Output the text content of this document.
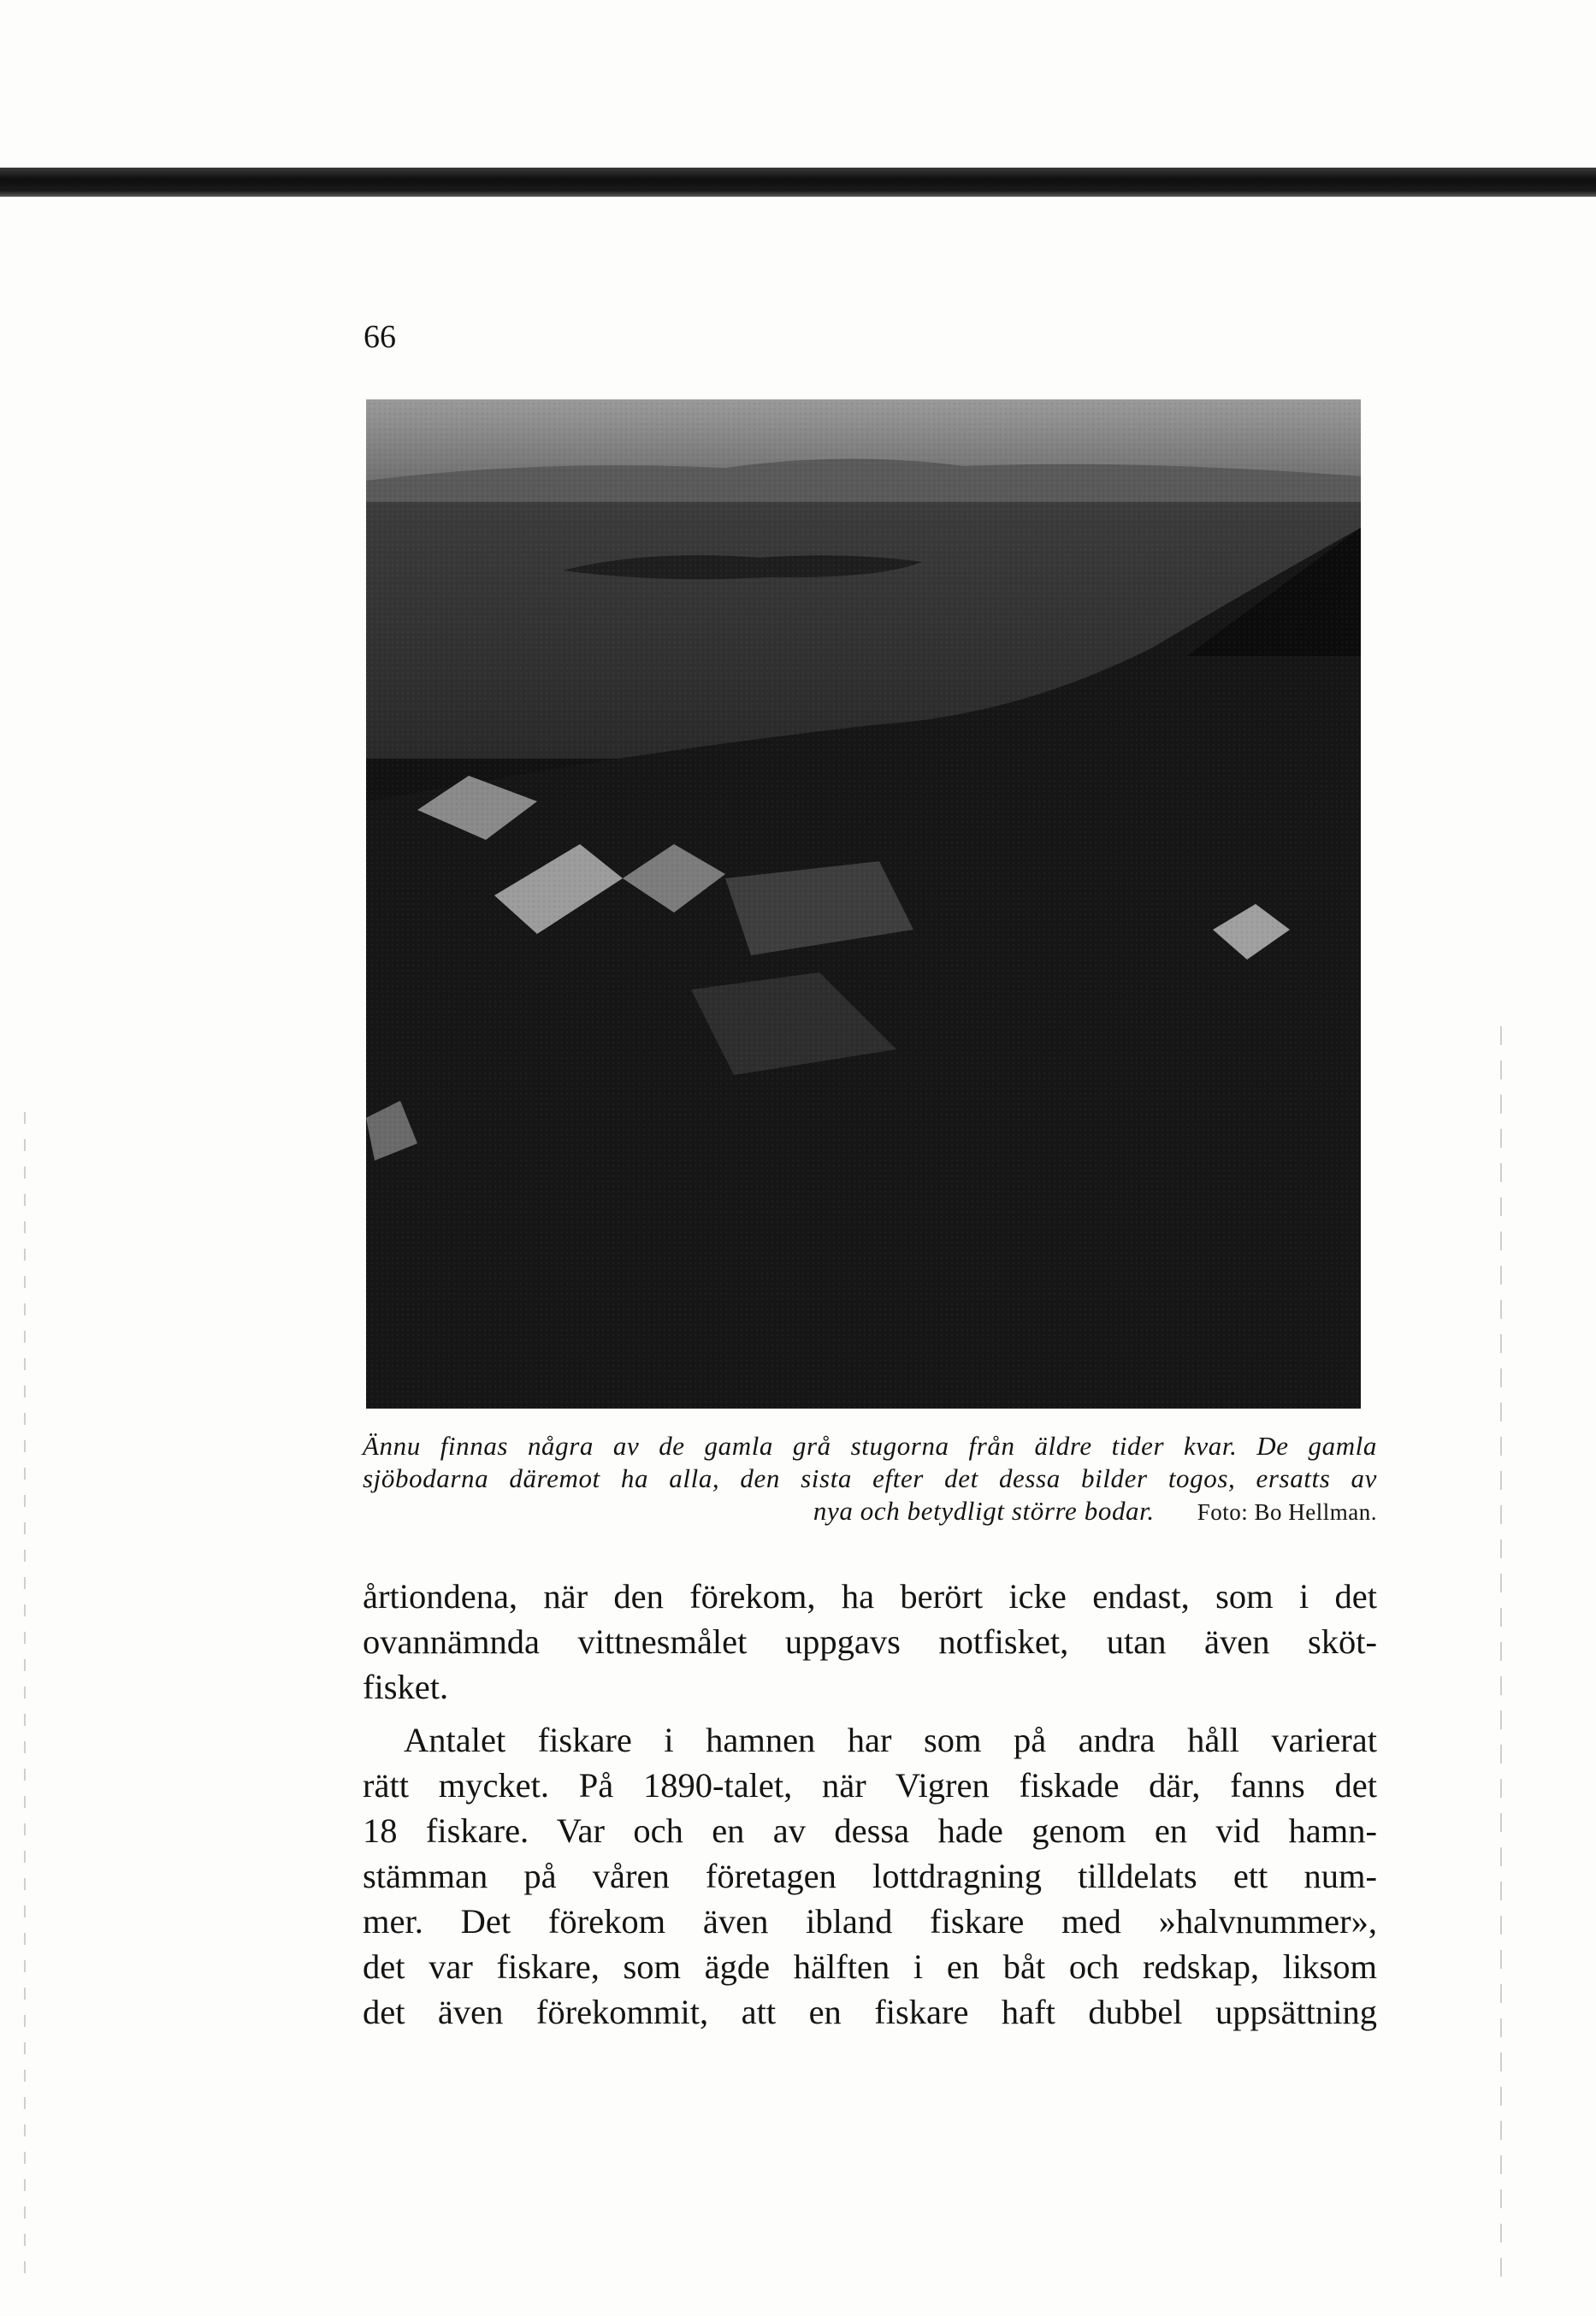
66
Ännu finnas några av de gamla grå stugorna från äldre tider kvar. De gamla
sjöbodarna däremot ha alla, den sista efter det dessa bilder togos, ersatts av
nya och betydligt större bodar. Foto: Bo Hellman.
årtiondena, när den förekom, ha berört icke endast, som i det
ovannämnda vittnesmålet uppgavs notfisket, utan även sköt-
fisket.
Antalet fiskare i hamnen har som på andra håll varierat
rätt mycket. På 1890-talet, när Vigren fiskade där, fanns det
18 fiskare. Var och en av dessa hade genom en vid hamn-
stämman på våren företagen lottdragning tilldelats ett num-
mer. Det förekom även ibland fiskare med »halvnummer»,
det var fiskare, som ägde hälften i en båt och redskap, liksom
det även förekommit, att en fiskare haft dubbel uppsättning
